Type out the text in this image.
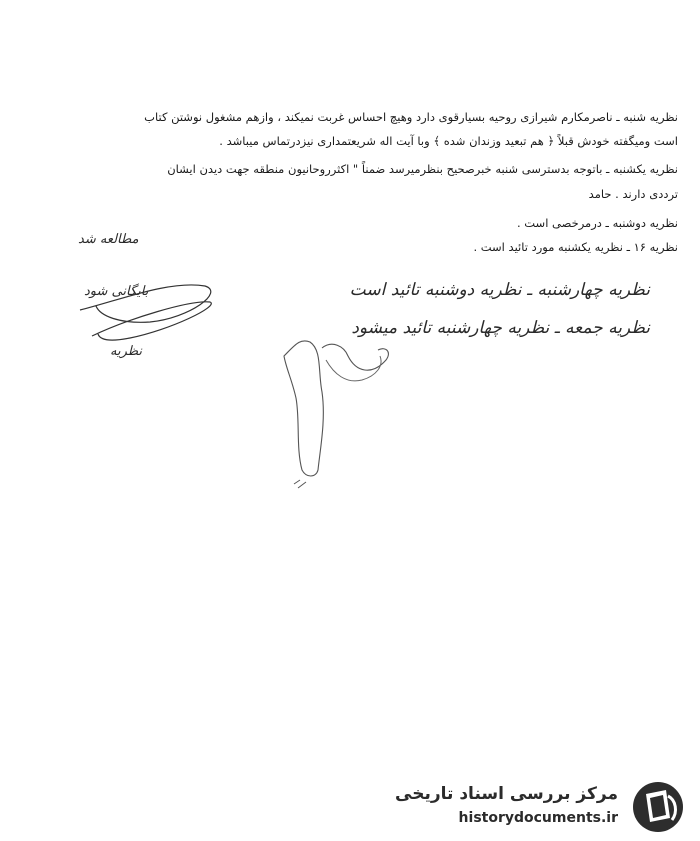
نظریه شنبه ـ ناصرمکارم شیرازی روحیه بسیارقوی دارد وهیچ احساس غربت نمیکند ، وازهم مشغول نوشتن کتاب
است ومیگفته خودش قبلاً ﴿ هم تبعید وزندان شده ﴾ وبا آیت اله شریعتمداری نیزدرتماس میباشد .
نظریه یکشنبه ـ باتوجه بدسترسی شنبه خبرصحیح بنظرمیرسد ضمناً " اکثرروحانیون منطقه جهت دیدن ایشان
ترددی دارند . حامد
نظریه دوشنبه ـ درمرخصی است .
نظریه ۱۶ ـ نظریه یکشنبه مورد تائید است .
مطالعه شد
بایگانی شود
نظریه
نظریه چهارشنبه ـ نظریه دوشنبه تائید است
نظریه جمعه ـ نظریه چهارشنبه تائید میشود
مرکز بررسی اسناد تاریخی
historydocuments.ir
